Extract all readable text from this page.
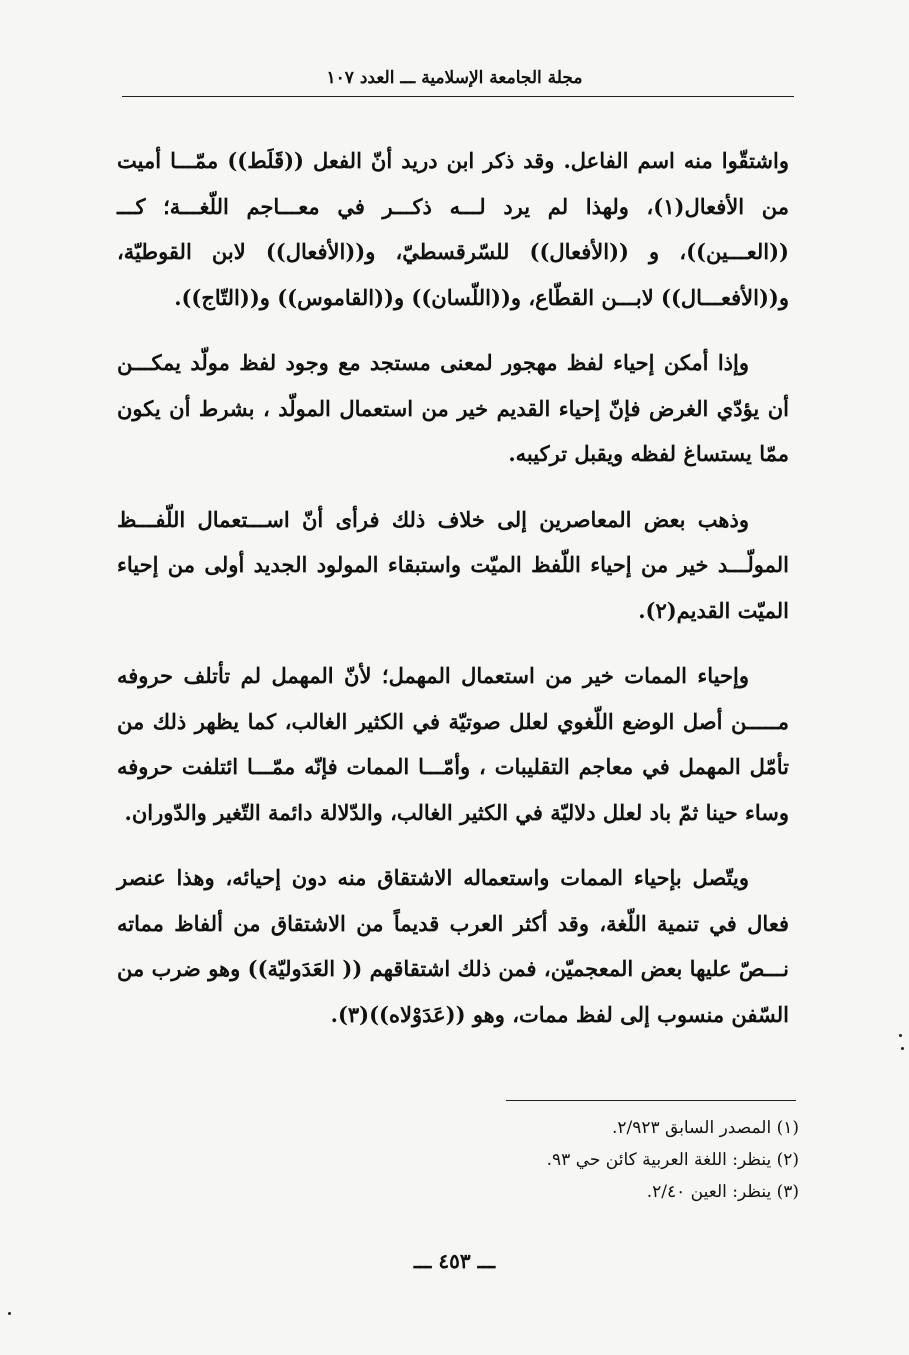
مجلة الجامعة الإسلامية ـــ العدد ١٠٧

واشتقّوا منه اسم الفاعل. وقد ذكر ابن دريد أنّ الفعل ((قَلَط)) ممّـــا أميت من الأفعال(١)، ولهذا لم يرد لـــه ذكـــر في معـــاجم اللّغـــة؛ كـــ ((العـــين))، و ((الأفعال)) للسّرقسطيّ، و((الأفعال)) لابن القوطيّة، و((الأفعـــال)) لابـــن القطّاع، و((اللّسان)) و((القاموس)) و((التّاج)).

وإذا أمكن إحياء لفظ مهجور لمعنى مستجد مع وجود لفظ مولّد يمكـــن أن يؤدّي الغرض فإنّ إحياء القديم خير من استعمال المولّد ، بشرط أن يكون ممّا يستساغ لفظه ويقبل تركيبه.

وذهب بعض المعاصرين إلى خلاف ذلك فرأى أنّ اســـتعمال اللّفـــظ المولّـــد خير من إحياء اللّفظ الميّت واستبقاء المولود الجديد أولى من إحياء الميّت القديم(٢).

وإحياء الممات خير من استعمال المهمل؛ لأنّ المهمل لم تأتلف حروفه مـــــن أصل الوضع اللّغوي لعلل صوتيّة في الكثير الغالب، كما يظهر ذلك من تأمّل المهمل في معاجم التقليبات ، وأمّـــا الممات فإنّه ممّـــا ائتلفت حروفه وساء حينا ثمّ باد لعلل دلاليّة في الكثير الغالب، والدّلالة دائمة التّغير والدّوران.

ويتّصل بإحياء الممات واستعماله الاشتقاق منه دون إحيائه، وهذا عنصر فعال في تنمية اللّغة، وقد أكثر العرب قديماً من الاشتقاق من ألفاظ مماته نـــصّ عليها بعض المعجميّن، فمن ذلك اشتقاقهم (( العَدَوليّة)) وهو ضرب من السّفن منسوب إلى لفظ ممات، وهو ((عَدَوْلاه))(٣).

(١) المصدر السابق ٢/٩٢٣.
(٢) ينظر: اللغة العربية كائن حي ٩٣.
(٣) ينظر: العين ٢/٤٠.
ـــ ٤٥٣ ـــ
